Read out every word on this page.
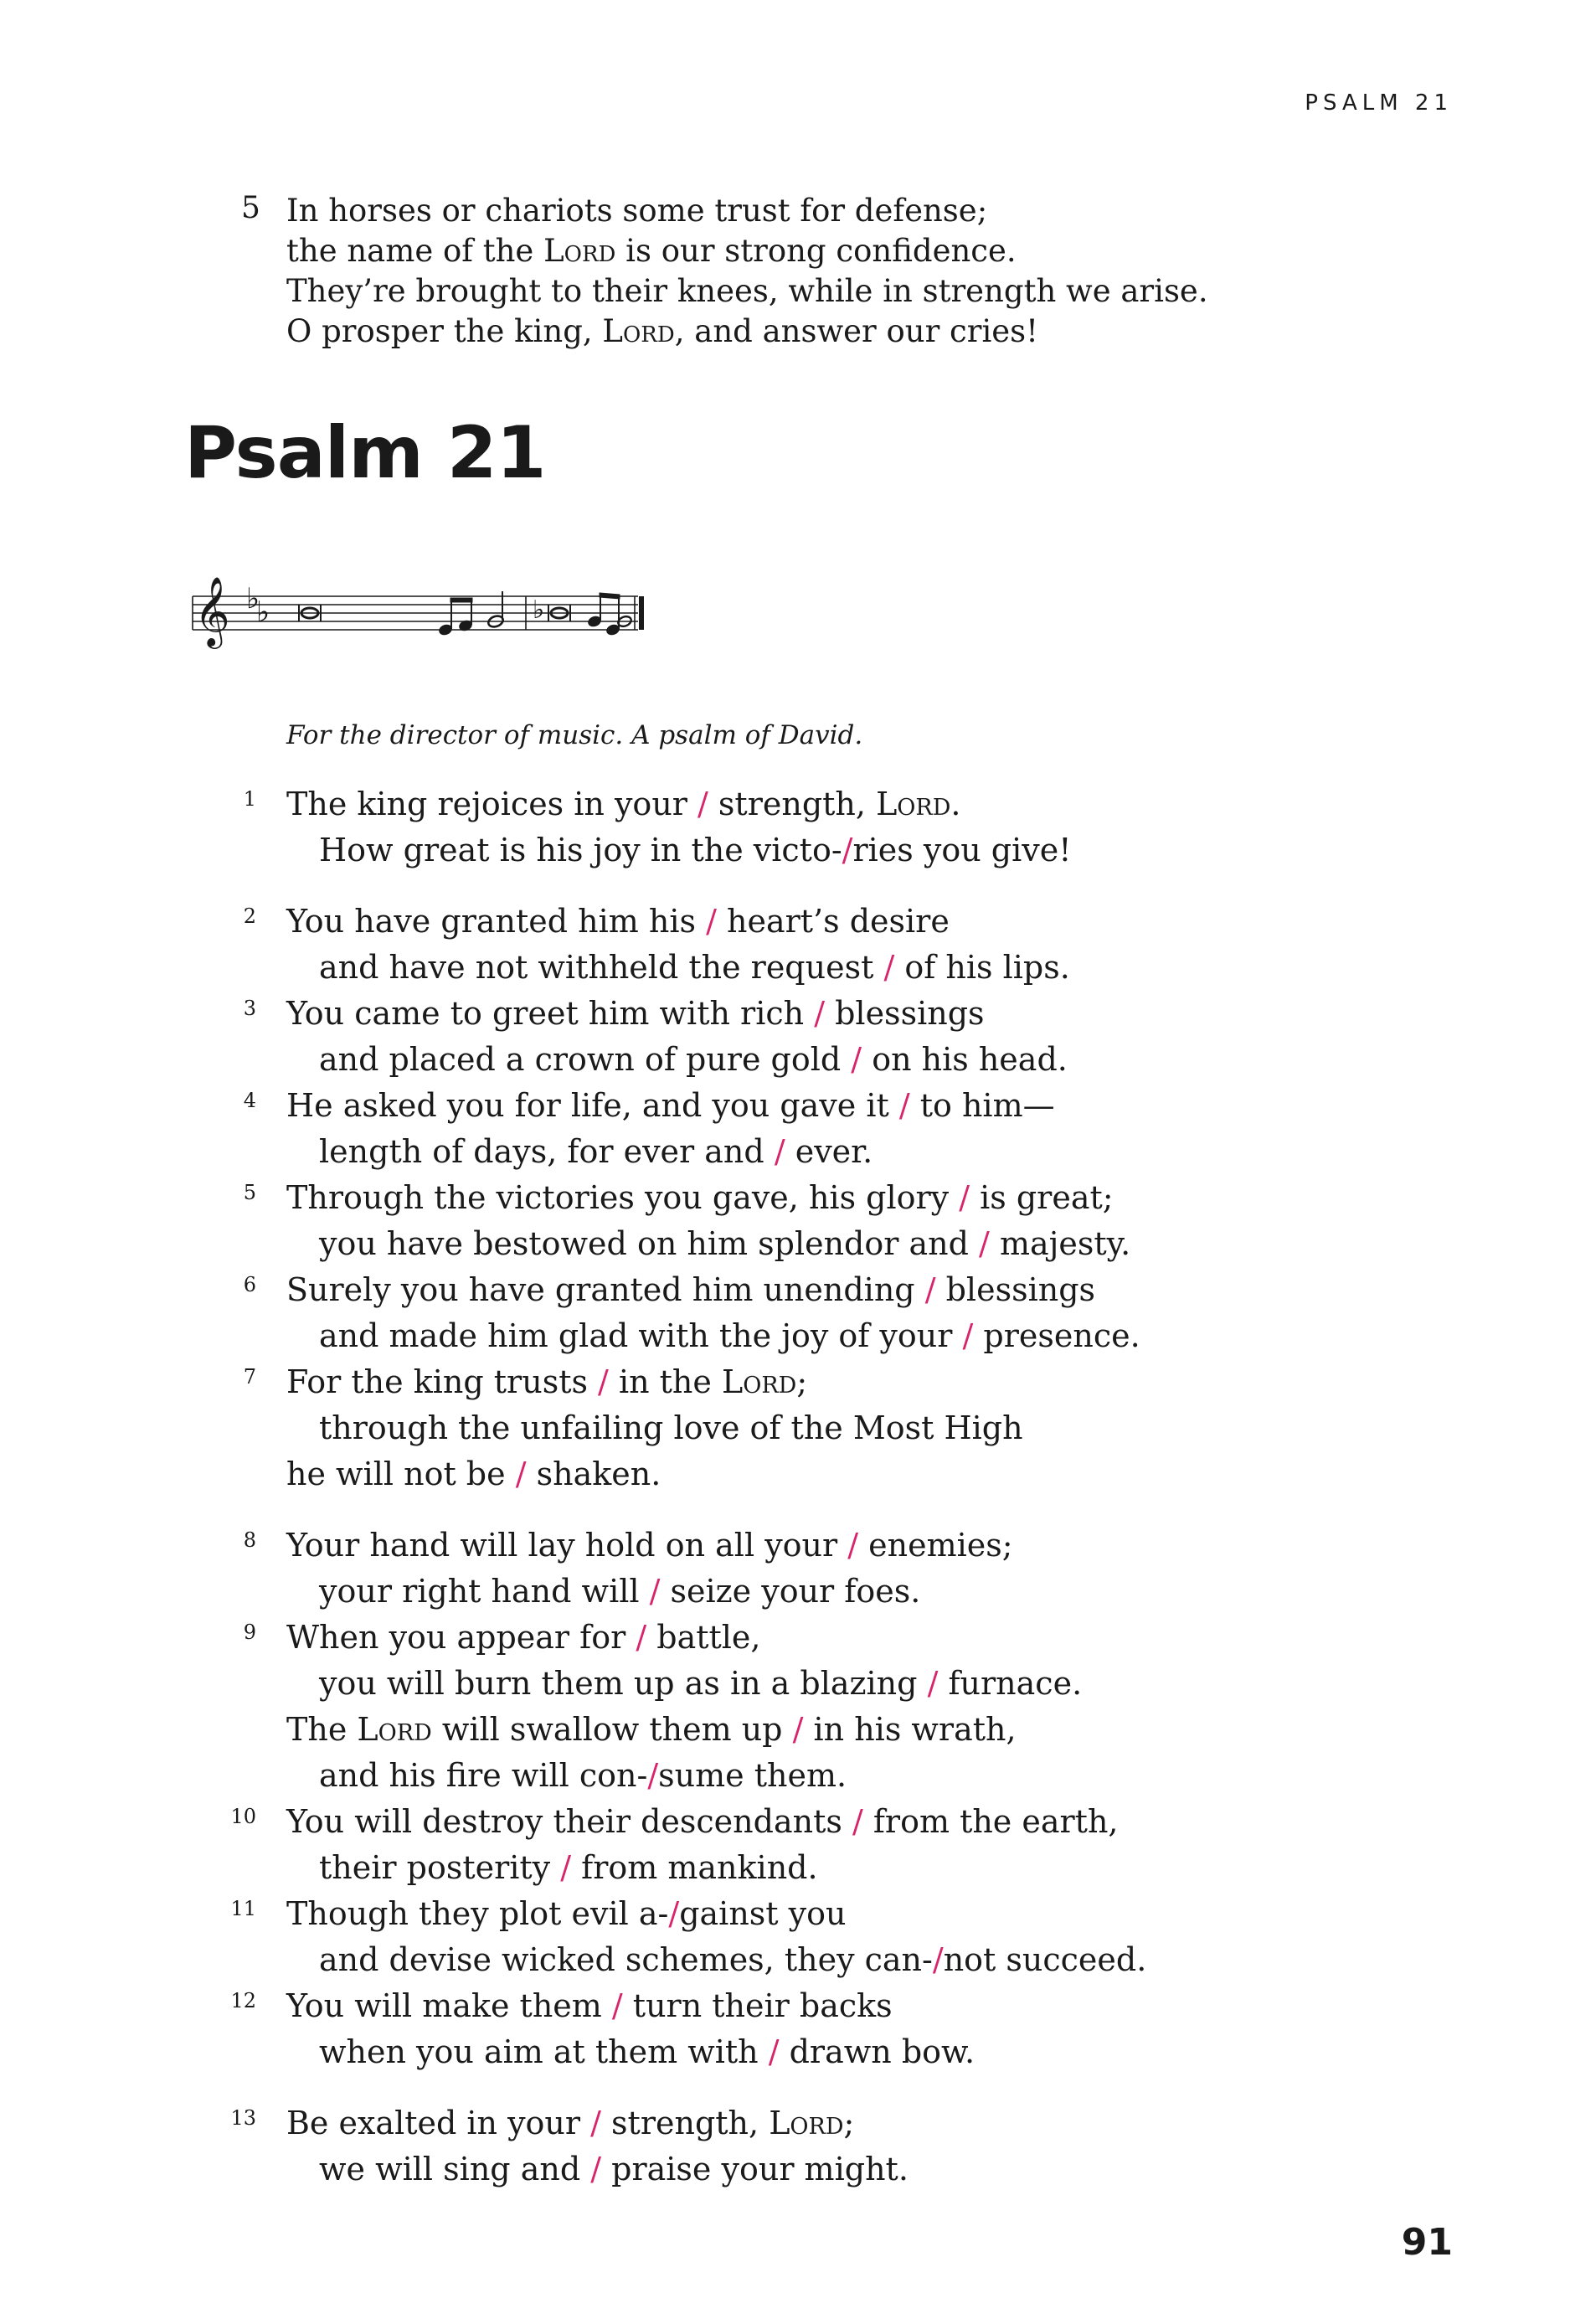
PSALM 21
5 In horses or chariots some trust for defense;
the name of the Lord is our strong confidence.
They’re brought to their knees, while in strength we arise.
O prosper the king, Lord, and answer our cries!
Psalm 21
𝄞 ♭
♭	♭
For the director of music. A psalm of David.
1 The king rejoices in your / strength, Lord.
How great is his joy in the victo-/ries you give!
2 You have granted him his / heart’s desire
and have not withheld the request / of his lips.
3 You came to greet him with rich / blessings
and placed a crown of pure gold / on his head.
4 He asked you for life, and you gave it / to him—
length of days, for ever and / ever.
5 Through the victories you gave, his glory / is great;
you have bestowed on him splendor and / majesty.
6 Surely you have granted him unending / blessings
and made him glad with the joy of your / presence.
7 For the king trusts / in the Lord;
through the unfailing love of the Most High
he will not be / shaken.
8 Your hand will lay hold on all your / enemies;
your right hand will / seize your foes.
9 When you appear for / battle,
you will burn them up as in a blazing / furnace.
The Lord will swallow them up / in his wrath,
and his fire will con-/sume them.
10 You will destroy their descendants / from the earth,
their posterity / from mankind.
11 Though they plot evil a-/gainst you
and devise wicked schemes, they can-/not succeed.
12 You will make them / turn their backs
when you aim at them with / drawn bow.
13 Be exalted in your / strength, Lord;
we will sing and / praise your might.
91
